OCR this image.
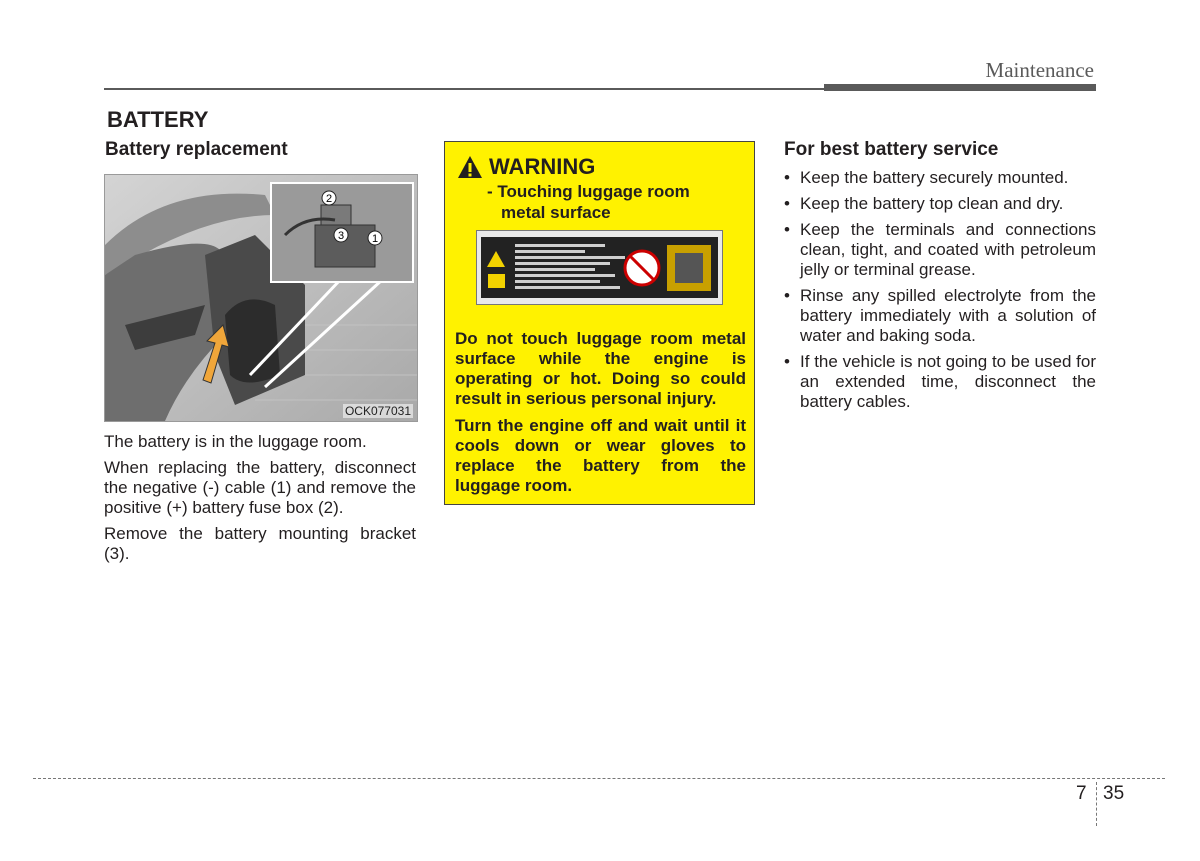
Maintenance
BATTERY
Battery replacement
2
3	1
OCK077031

The battery is in the luggage room.

When replacing the battery, disconnect the negative (-) cable (1) and remove the positive (+) battery fuse box (2).

Remove the battery mounting bracket (3).

WARNING
- Touching luggage room
metal surface

Do not touch luggage room metal surface while the engine is operating or hot. Doing so could result in serious personal injury.

Turn the engine off and wait until it cools down or wear gloves to replace the battery from the luggage room.

For best battery service
• Keep the battery securely mounted.
• Keep the battery top clean and dry.
• Keep the terminals and connections clean, tight, and coated with petroleum jelly or terminal grease.
• Rinse any spilled electrolyte from the battery immediately with a solution of water and baking soda.
• If the vehicle is not going to be used for an extended time, disconnect the battery cables.
7 35
